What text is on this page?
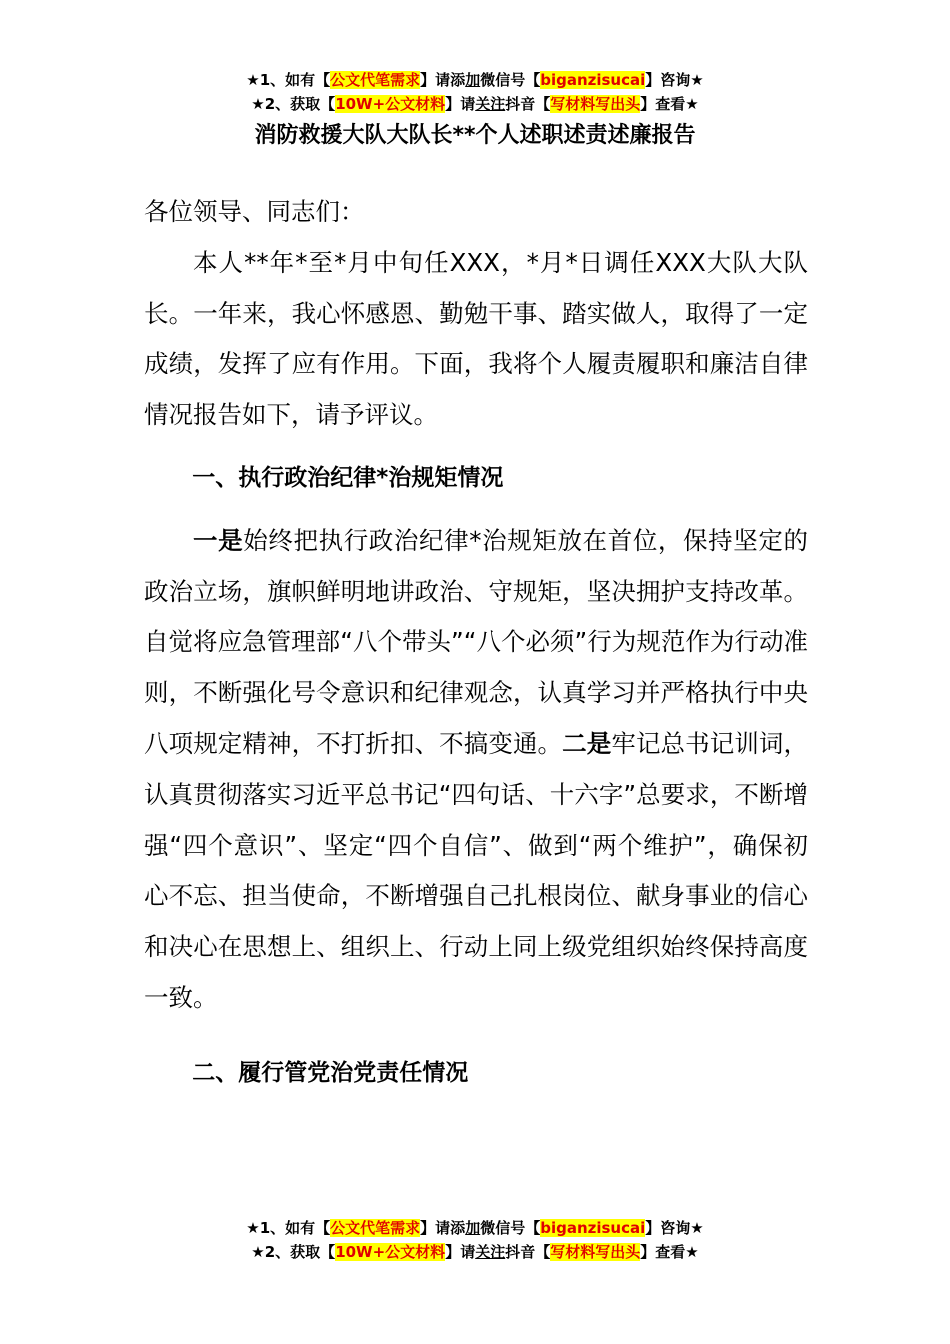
★1、如有【公文代笔需求】请添加微信号【biganzisucai】咨询★
★2、获取【10W+公文材料】请关注抖音【写材料写出头】查看★
消防救援大队大队长**个人述职述责述廉报告

各位领导、同志们：

本人**年*至*月中旬任XXX，*月*日调任XXX大队大队长。一年来，我心怀感恩、勤勉干事、踏实做人，取得了一定成绩，发挥了应有作用。下面，我将个人履责履职和廉洁自律情况报告如下，请予评议。

一、执行政治纪律*治规矩情况

一是始终把执行政治纪律*治规矩放在首位，保持坚定的政治立场，旗帜鲜明地讲政治、守规矩，坚决拥护支持改革。自觉将应急管理部“八个带头”“八个必须”行为规范作为行动准则，不断强化号令意识和纪律观念，认真学习并严格执行中央八项规定精神，不打折扣、不搞变通。二是牢记总书记训词，认真贯彻落实习近平总书记“四句话、十六字”总要求，不断增强“四个意识”、坚定“四个自信”、做到“两个维护”，确保初心不忘、担当使命，不断增强自己扎根岗位、献身事业的信心和决心在思想上、组织上、行动上同上级党组织始终保持高度一致。

二、履行管党治党责任情况

★1、如有【公文代笔需求】请添加微信号【biganzisucai】咨询★
★2、获取【10W+公文材料】请关注抖音【写材料写出头】查看★
